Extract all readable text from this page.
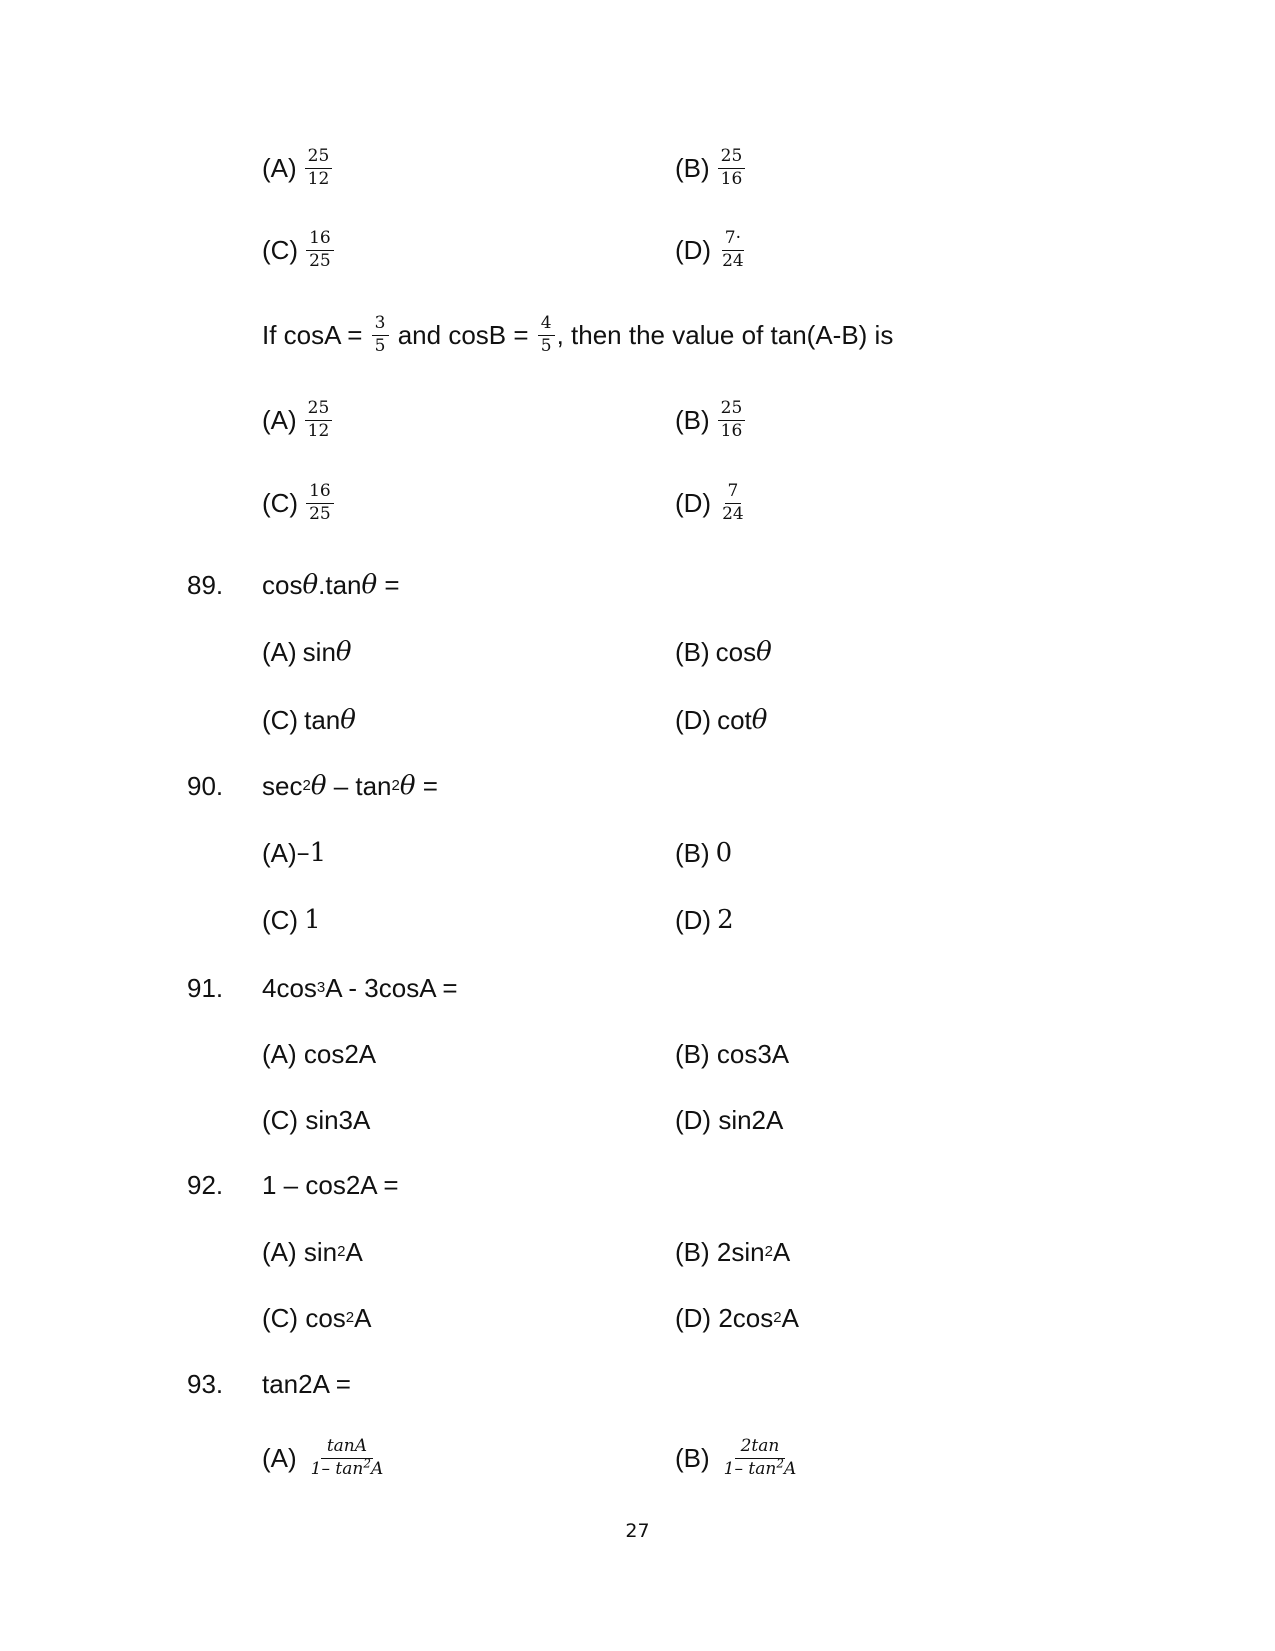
$(A) \frac{25}{12}$	$(B) \frac{25}{16}$
$(C) \frac{16}{25}$	$(D) \frac{7\cdot}{24}$
If $\cos A = \frac{3}{5}$ and $\cos B = \frac{4}{5}$ , then the value of tan(A-B) is
$(A) \frac{25}{12}$	$(B) \frac{25}{16}$
$(C) \frac{16}{25}$	$(D) \frac{7}{24}$
89. cos θ .tan θ =
(A) sin θ	(B) cos θ
(C) tan θ	(D) cot θ
90. sec 2 θ – tan 2 θ =
(A) –1	(B) 0
(C) 1	(D) 2
91. 4cos 3 A - 3cosA =
(A) cos2A	(B) cos3A
(C) sin3A	(D) sin2A
92. 1 – cos2A =
(A) sin 2 A	(B) 2sin 2 A
(C) cos 2 A	(D) 2cos 2 A
93. tan2A =
$(A) \frac{\tan A}{1- \tan^2A}$	$(B) \frac{2\tan}{1- \tan^2A}$
27
